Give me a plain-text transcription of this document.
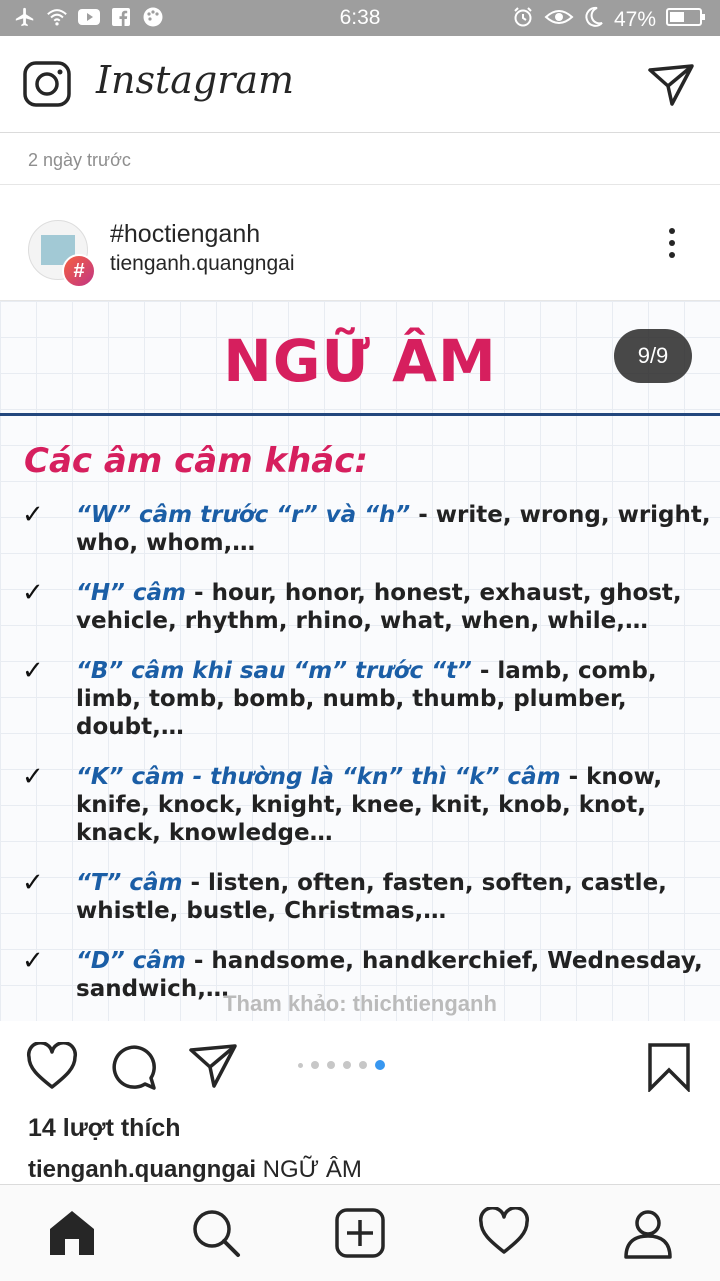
6:38	47%
Instagram
2 ngày trước
#
#hoctienganh
tienganh.quangngai
NGỮ ÂM	9/9
Các âm câm khác:
✓ “W” câm trước “r” và “h” - write, wrong, wright, who, whom,…
✓ “H” câm - hour, honor, honest, exhaust, ghost, vehicle, rhythm, rhino, what, when, while,…
✓ “B” câm khi sau “m” trước “t” - lamb, comb, limb, tomb, bomb, numb, thumb, plumber, doubt,…
✓ “K” câm - thường là “kn” thì “k” câm - know, knife, knock, knight, knee, knit, knob, knot, knack, knowledge…
✓ “T” câm - listen, often, fasten, soften, castle, whistle, bustle, Christmas,…
✓ “D” câm - handsome, handkerchief, Wednesday, sandwich,…
Tham khảo: thichtienganh
14 lượt thích
tienganh.quangngai NGỮ ÂM
